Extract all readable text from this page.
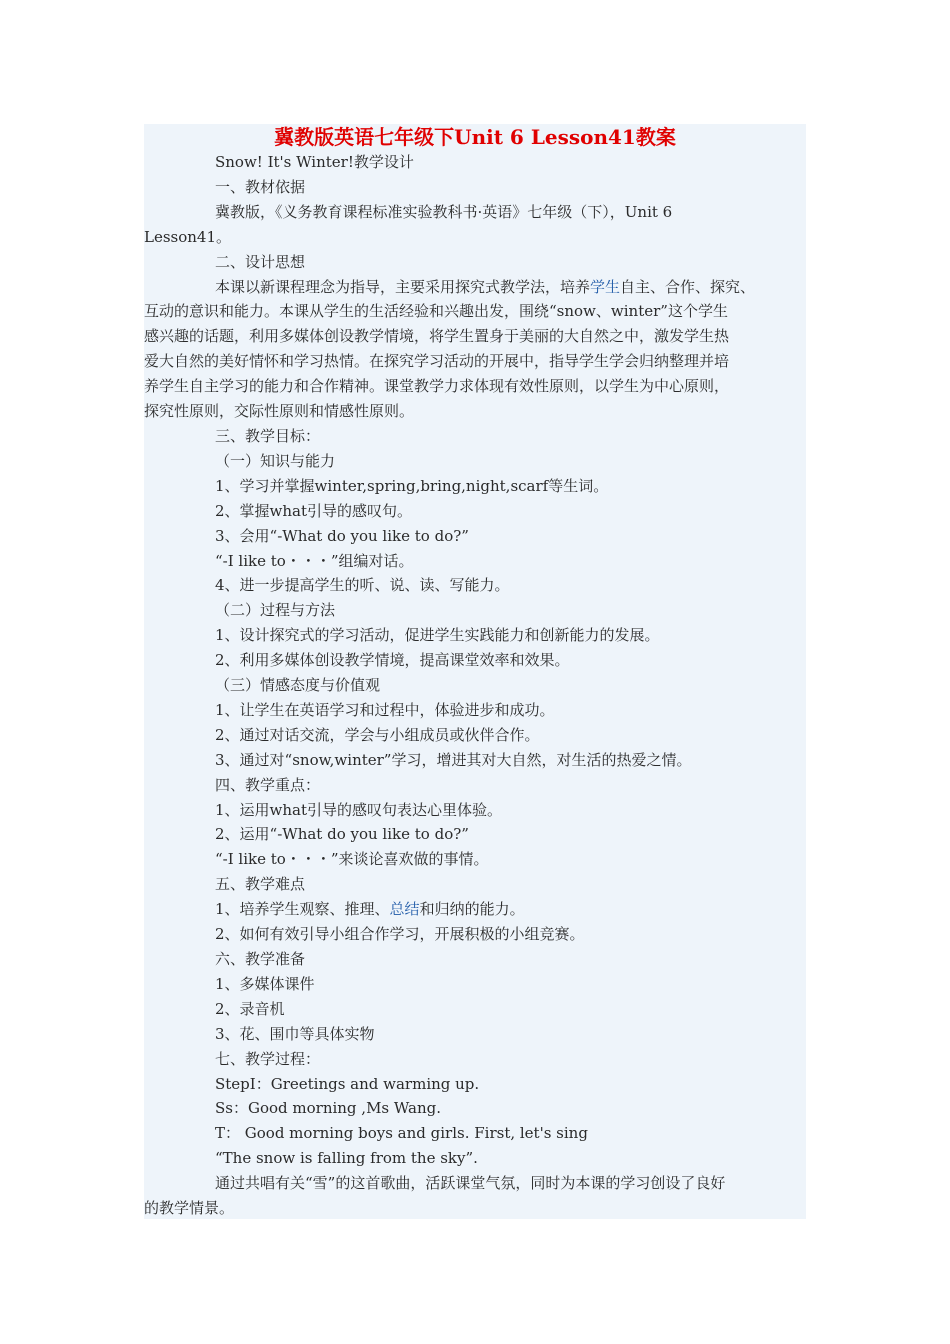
冀教版英语七年级下Unit 6 Lesson41教案

Snow! It's Winter!教学设计

一、教材依据

冀教版，《义务教育课程标准实验教科书·英语》七年级（下），Unit 6

Lesson41。

二、设计思想

本课以新课程理念为指导，主要采用探究式教学法，培养学生自主、合作、探究、

互动的意识和能力。本课从学生的生活经验和兴趣出发，围绕“snow、winter”这个学生

感兴趣的话题，利用多媒体创设教学情境，将学生置身于美丽的大自然之中，激发学生热

爱大自然的美好情怀和学习热情。在探究学习活动的开展中，指导学生学会归纳整理并培

养学生自主学习的能力和合作精神。课堂教学力求体现有效性原则，以学生为中心原则，

探究性原则，交际性原则和情感性原则。

三、教学目标：

（一）知识与能力

1、学习并掌握winter,spring,bring,night,scarf等生词。

2、掌握what引导的感叹句。

3、会用“-What do you like to do?”

“-I like to・・・”组编对话。

4、进一步提高学生的听、说、读、写能力。

（二）过程与方法

1、设计探究式的学习活动，促进学生实践能力和创新能力的发展。

2、利用多媒体创设教学情境，提高课堂效率和效果。

（三）情感态度与价值观

1、让学生在英语学习和过程中，体验进步和成功。

2、通过对话交流，学会与小组成员或伙伴合作。

3、通过对“snow,winter”学习，增进其对大自然，对生活的热爱之情。

四、教学重点：

1、运用what引导的感叹句表达心里体验。

2、运用“-What do you like to do?”

“-I like to・・・”来谈论喜欢做的事情。

五、教学难点

1、培养学生观察、推理、总结和归纳的能力。

2、如何有效引导小组合作学习，开展积极的小组竞赛。

六、教学准备

1、多媒体课件

2、录音机

3、花、围巾等具体实物

七、教学过程：

StepⅠ：Greetings and warming up.

Ss：Good morning ,Ms Wang.

T： Good morning boys and girls. First, let's sing

“The snow is falling from the sky”.

通过共唱有关“雪”的这首歌曲，活跃课堂气氛，同时为本课的学习创设了良好

的教学情景。
